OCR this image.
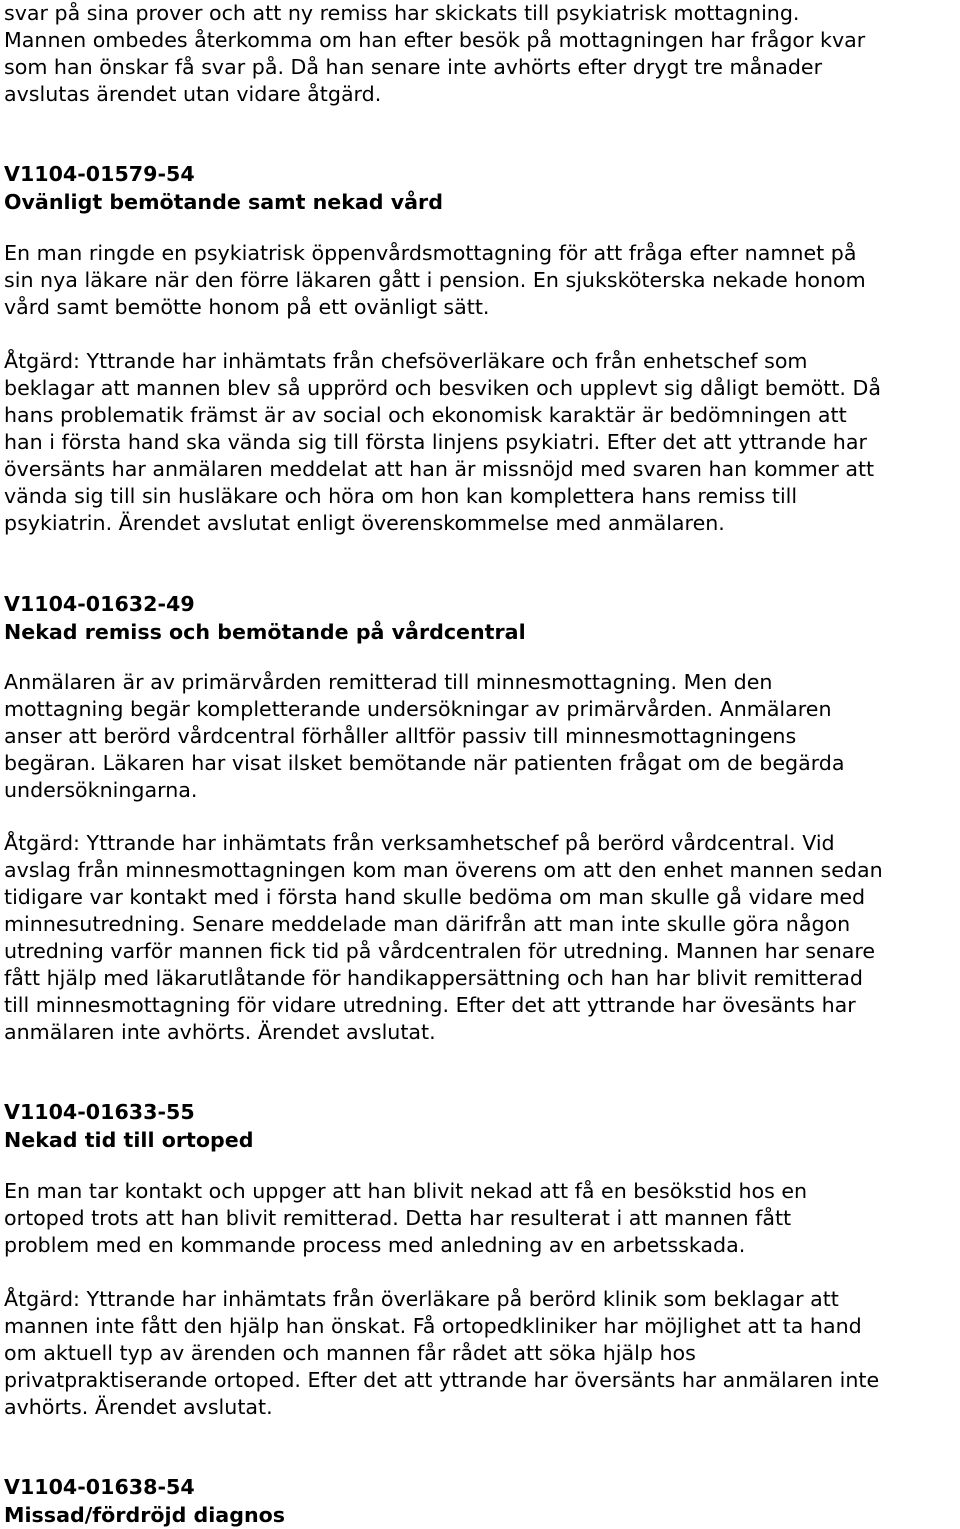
svar på sina prover och att ny remiss har skickats till psykiatrisk mottagning.
Mannen ombedes återkomma om han efter besök på mottagningen har frågor kvar
som han önskar få svar på. Då han senare inte avhörts efter drygt tre månader
avslutas ärendet utan vidare åtgärd.
V1104-01579-54
Ovänligt bemötande samt nekad vård
En man ringde en psykiatrisk öppenvårdsmottagning för att fråga efter namnet på
sin nya läkare när den förre läkaren gått i pension. En sjuksköterska nekade honom
vård samt bemötte honom på ett ovänligt sätt.
Åtgärd: Yttrande har inhämtats från chefsöverläkare och från enhetschef som
beklagar att mannen blev så upprörd och besviken och upplevt sig dåligt bemött. Då
hans problematik främst är av social och ekonomisk karaktär är bedömningen att
han i första hand ska vända sig till första linjens psykiatri. Efter det att yttrande har
översänts har anmälaren meddelat att han är missnöjd med svaren han kommer att
vända sig till sin husläkare och höra om hon kan komplettera hans remiss till
psykiatrin. Ärendet avslutat enligt överenskommelse med anmälaren.
V1104-01632-49
Nekad remiss och bemötande på vårdcentral
Anmälaren är av primärvården remitterad till minnesmottagning. Men den
mottagning begär kompletterande undersökningar av primärvården. Anmälaren
anser att berörd vårdcentral förhåller alltför passiv till minnesmottagningens
begäran. Läkaren har visat ilsket bemötande när patienten frågat om de begärda
undersökningarna.
Åtgärd: Yttrande har inhämtats från verksamhetschef på berörd vårdcentral. Vid
avslag från minnesmottagningen kom man överens om att den enhet mannen sedan
tidigare var kontakt med i första hand skulle bedöma om man skulle gå vidare med
minnesutredning. Senare meddelade man därifrån att man inte skulle göra någon
utredning varför mannen fick tid på vårdcentralen för utredning. Mannen har senare
fått hjälp med läkarutlåtande för handikappersättning och han har blivit remitterad
till minnesmottagning för vidare utredning. Efter det att yttrande har övesänts har
anmälaren inte avhörts. Ärendet avslutat.
V1104-01633-55
Nekad tid till ortoped
En man tar kontakt och uppger att han blivit nekad att få en besökstid hos en
ortoped trots att han blivit remitterad. Detta har resulterat i att mannen fått
problem med en kommande process med anledning av en arbetsskada.
Åtgärd: Yttrande har inhämtats från överläkare på berörd klinik som beklagar att
mannen inte fått den hjälp han önskat. Få ortopedkliniker har möjlighet att ta hand
om aktuell typ av ärenden och mannen får rådet att söka hjälp hos
privatpraktiserande ortoped. Efter det att yttrande har översänts har anmälaren inte
avhörts. Ärendet avslutat.
V1104-01638-54
Missad/fördröjd diagnos
